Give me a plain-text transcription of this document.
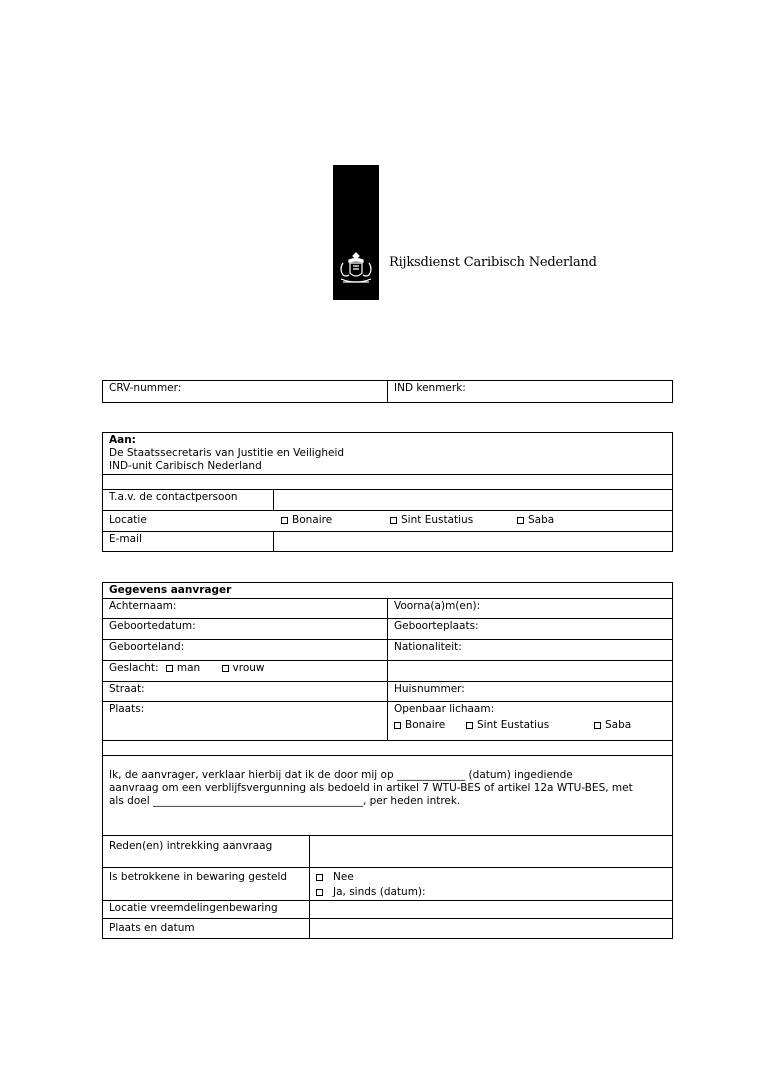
Rijksdienst Caribisch Nederland
CRV-nummer:	IND kenmerk:
Aan:
De Staatssecretaris van Justitie en Veiligheid
IND-unit Caribisch Nederland	

T.a.v. de contactpersoon	

Locatie Bonaire Sint Eustatius Saba	

E-mail	
Gegevens aanvrager		
Achternaam:		Voorna(a)m(en):
Geboortedatum:		Geboorteplaats:
Geboorteland:		Nationaliteit:
Geslacht: man vrouw		
Straat:		Huisnummer:
Plaats:		Openbaar lichaam:
Bonaire Sint Eustatius Saba

Ik, de aanvrager, verklaar hierbij dat ik de door mij op _____________ (datum) ingediende
aanvraag om een verblijfsvergunning als bedoeld in artikel 7 WTU-BES of artikel 12a WTU-BES, met
als doel ________________________________________, per heden intrek.		

Reden(en) intrekking aanvraag		
Is betrokkene in bewaring gesteld	Nee
Ja, sinds (datum):	

Locatie vreemdelingenbewaring		
Plaats en datum		
